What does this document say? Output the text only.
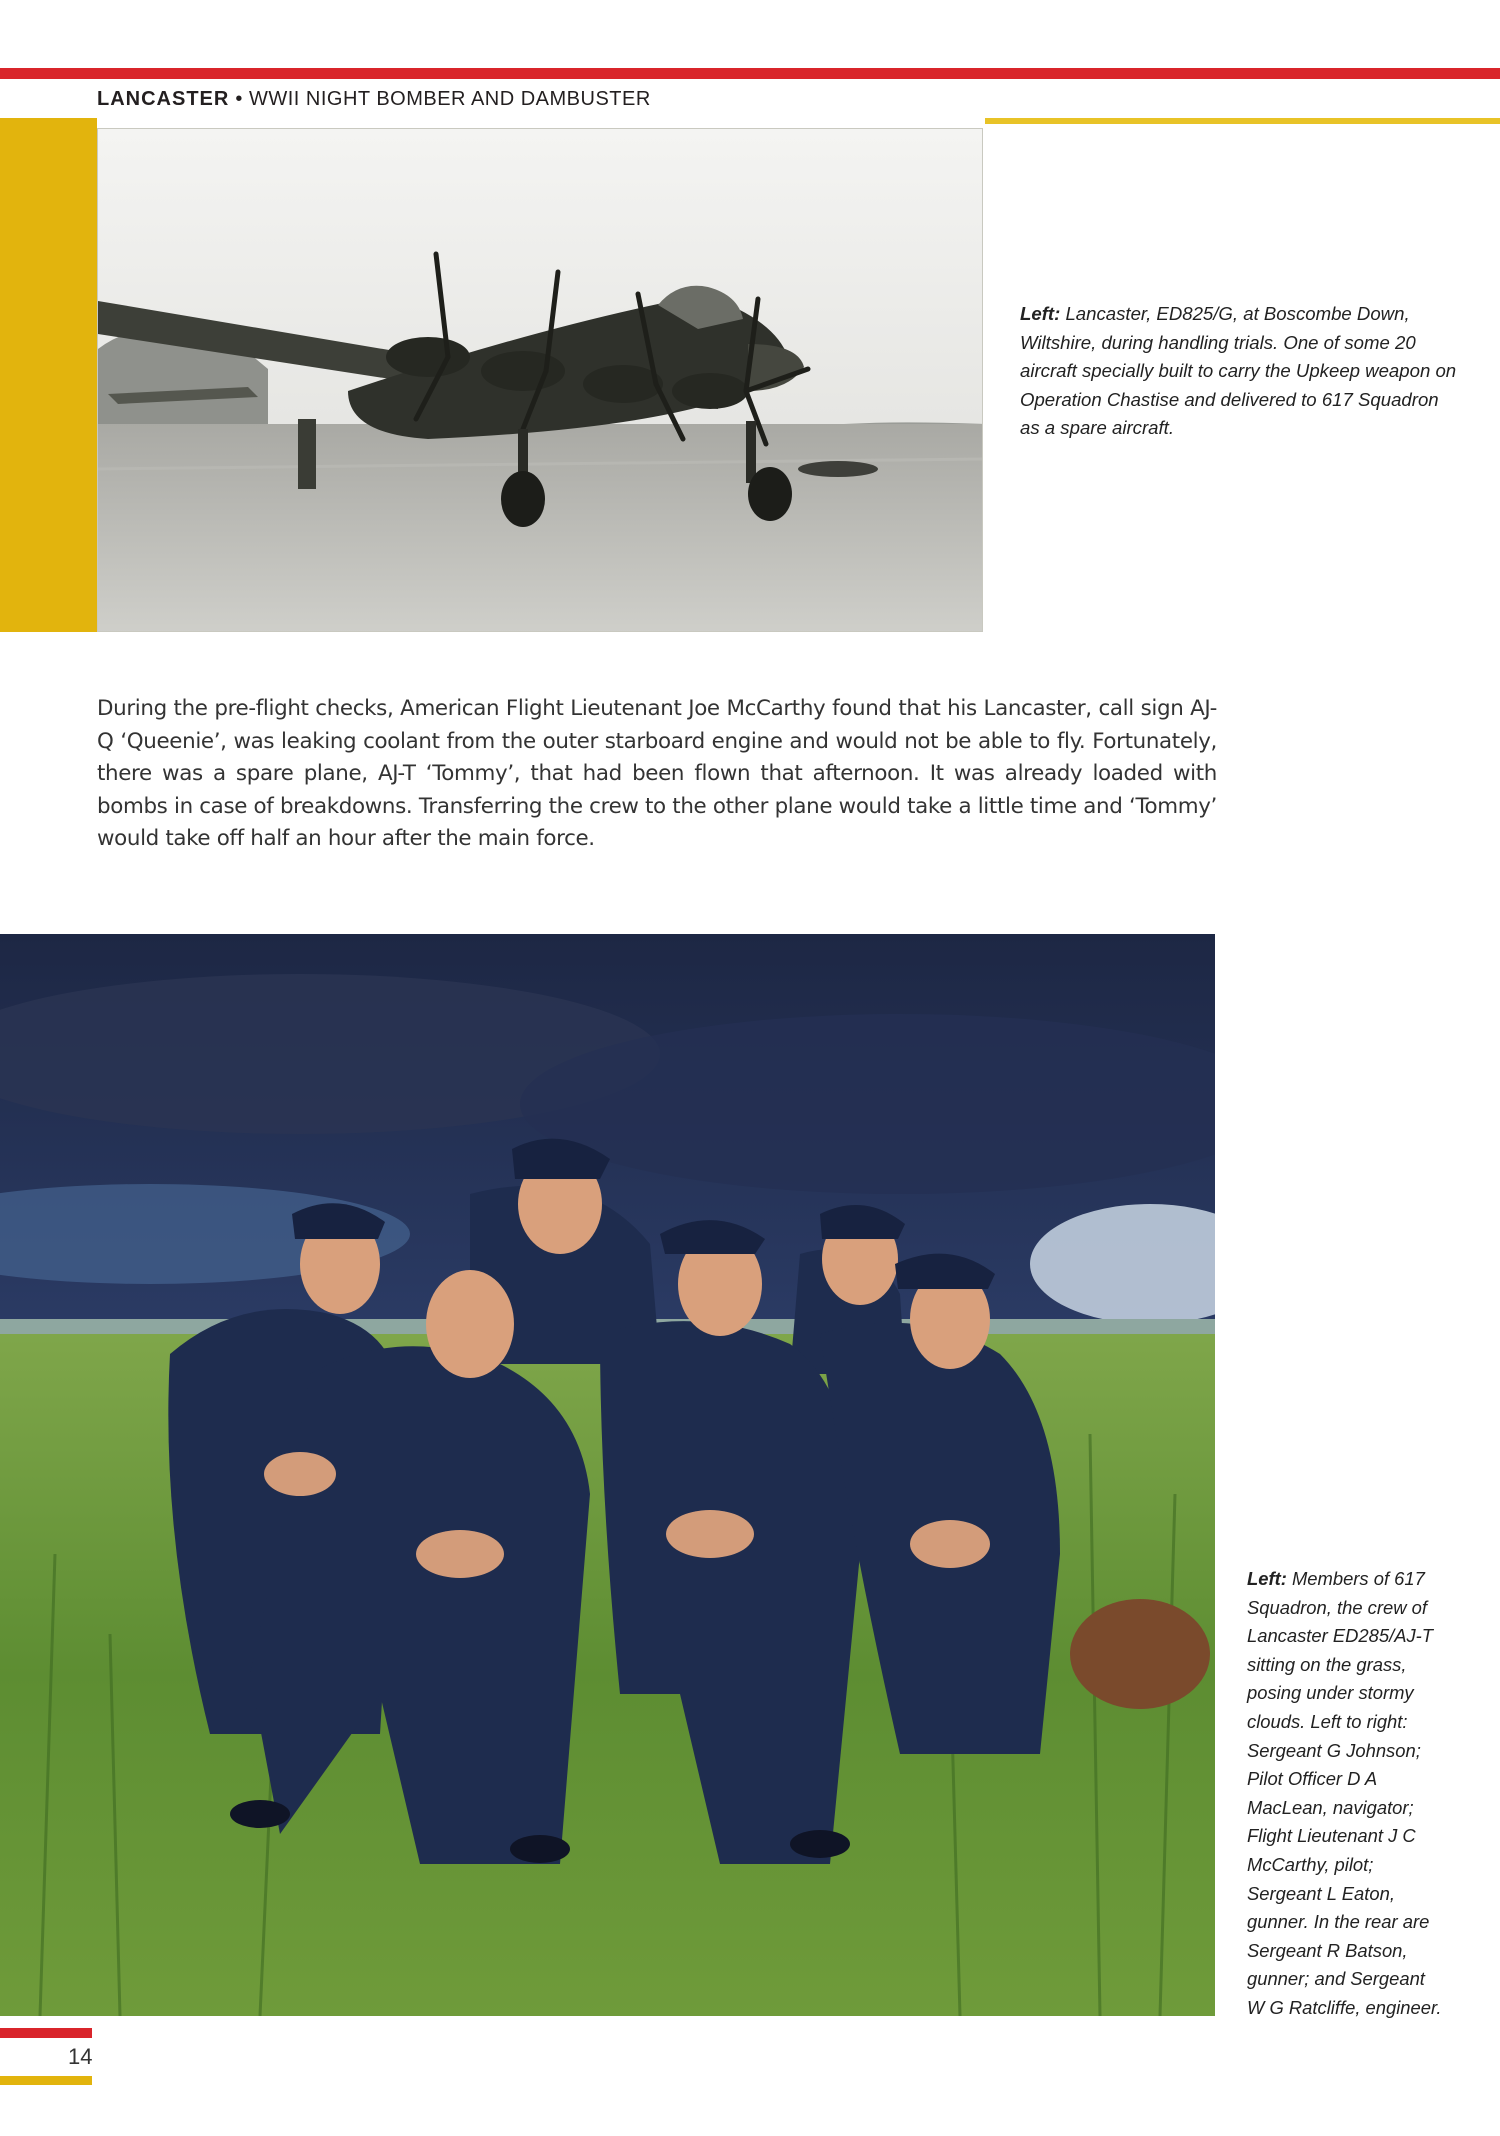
LANCASTER • WWII NIGHT BOMBER AND DAMBUSTER
Left: Lancaster, ED825/G, at Boscombe Down, Wiltshire, during handling trials. One of some 20 aircraft specially built to carry the Upkeep weapon on Operation Chastise and delivered to 617 Squadron as a spare aircraft.
During the pre-flight checks, American Flight Lieutenant Joe McCarthy found that his Lancaster, call sign AJ-Q ‘Queenie’, was leaking coolant from the outer starboard engine and would not be able to fly. Fortunately, there was a spare plane, AJ-T ‘Tommy’, that had been flown that afternoon. It was already loaded with bombs in case of breakdowns. Transferring the crew to the other plane would take a little time and ‘Tommy’ would take off half an hour after the main force.
Left: Members of 617 Squadron, the crew of Lancaster ED285/AJ-T sitting on the grass, posing under stormy clouds. Left to right: Sergeant G Johnson; Pilot Officer D A MacLean, navigator; Flight Lieutenant J C McCarthy, pilot; Sergeant L Eaton, gunner. In the rear are Sergeant R Batson, gunner; and Sergeant W G Ratcliffe, engineer.
14
